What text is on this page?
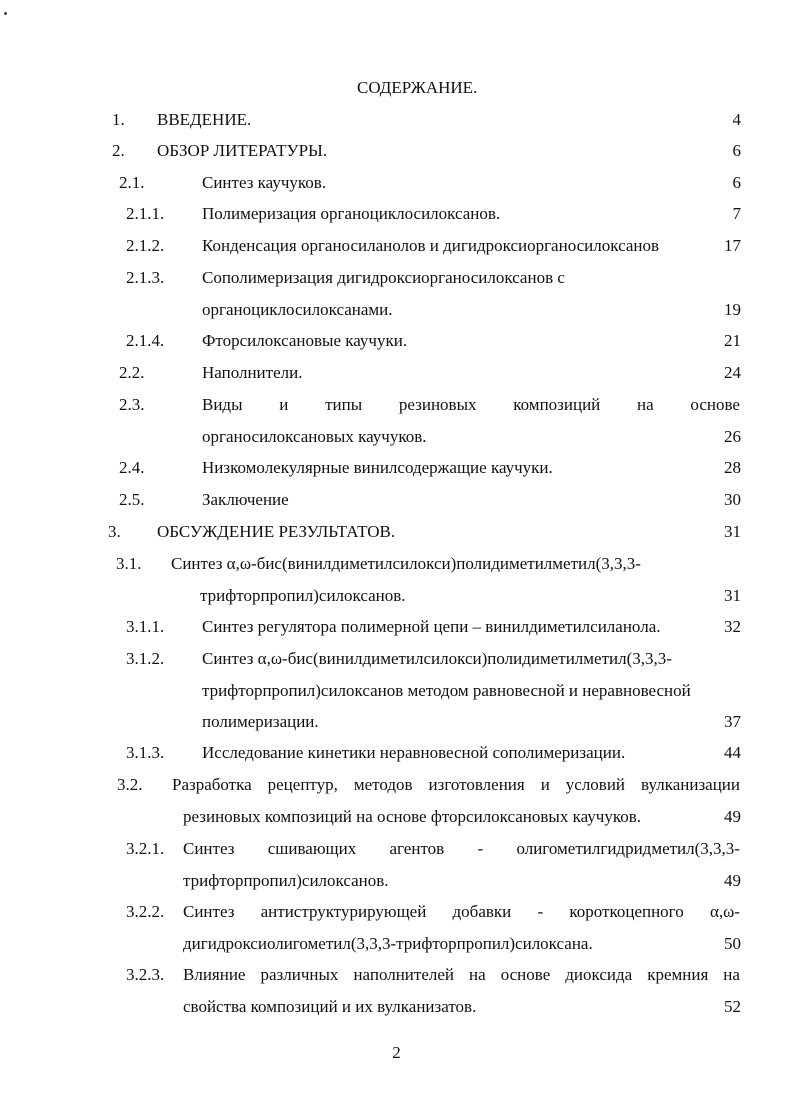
СОДЕРЖАНИЕ.
1. ВВЕДЕНИЕ.	4
2. ОБЗОР ЛИТЕРАТУРЫ.	6
2.1.	Синтез каучуков.	6
2.1.1. Полимеризация органоциклосилоксанов.	7
2.1.2. Конденсация органосиланолов и дигидроксиорганосилоксанов	17
2.1.3. Сополимеризация дигидроксиорганосилоксанов с
органоциклосилоксанами.	19
2.1.4. Фторсилоксановые каучуки.	21
2.2.	Наполнители.	24
2.3.	Виды и типы резиновых композиций на основе
органосилоксановых каучуков.	26
2.4.	Низкомолекулярные винилсодержащие каучуки.	28
2.5.	Заключение	30
3. ОБСУЖДЕНИЕ РЕЗУЛЬТАТОВ.	31
3.1. Синтез α,ω-бис(винилдиметилсилокси)полидиметилметил(3,3,3-
трифторпропил)силоксанов.	31
3.1.1. Синтез регулятора полимерной цепи – винилдиметилсиланола.	32
3.1.2. Синтез α,ω-бис(винилдиметилсилокси)полидиметилметил(3,3,3-
трифторпропил)силоксанов методом равновесной и неравновесной
полимеризации.	37
3.1.3. Исследование кинетики неравновесной сополимеризации.	44
3.2. Разработка рецептур, методов изготовления и условий вулканизации
резиновых композиций на основе фторсилоксановых каучуков.	49
3.2.1. Синтез сшивающих агентов - олигометилгидридметил(3,3,3-
трифторпропил)силоксанов.	49
3.2.2. Синтез антиструктурирующей добавки - короткоцепного α,ω-
дигидроксиолигометил(3,3,3-трифторпропил)силоксана.	50
3.2.3. Влияние различных наполнителей на основе диоксида кремния на
свойства композиций и их вулканизатов.	52
2
